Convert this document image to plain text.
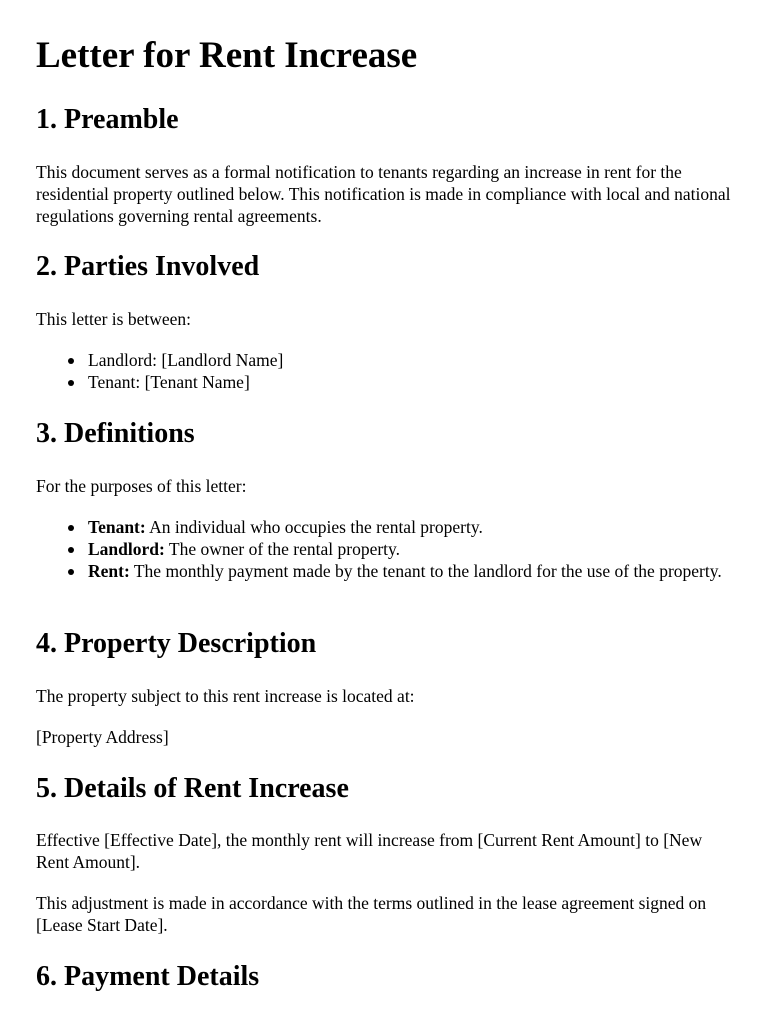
Letter for Rent Increase
1. Preamble

This document serves as a formal notification to tenants regarding an increase in rent for the residential property outlined below. This notification is made in compliance with local and national regulations governing rental agreements.

2. Parties Involved

This letter is between:

Landlord: [Landlord Name]
Tenant: [Tenant Name]
3. Definitions

For the purposes of this letter:

Tenant: An individual who occupies the rental property.
Landlord: The owner of the rental property.
Rent: The monthly payment made by the tenant to the landlord for the use of the property.
4. Property Description

The property subject to this rent increase is located at:

[Property Address]

5. Details of Rent Increase

Effective [Effective Date], the monthly rent will increase from [Current Rent Amount] to [New Rent Amount].

This adjustment is made in accordance with the terms outlined in the lease agreement signed on [Lease Start Date].

6. Payment Details
